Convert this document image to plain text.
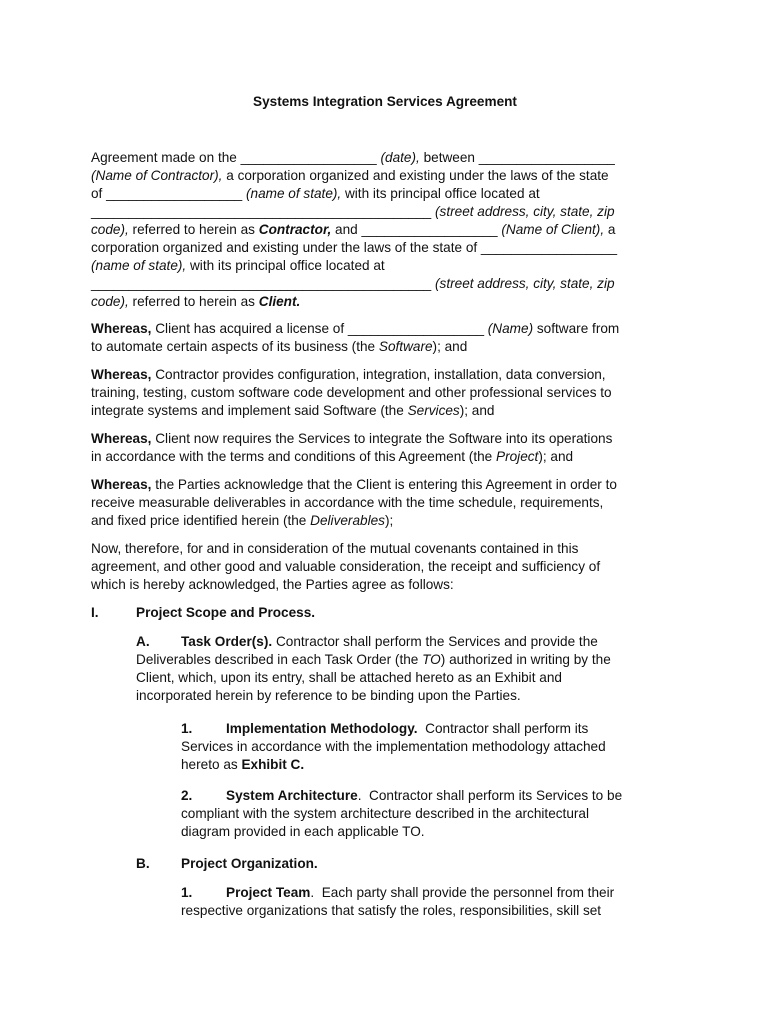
Systems Integration Services Agreement
Agreement made on the __________________ (date), between __________________
(Name of Contractor), a corporation organized and existing under the laws of the state
of __________________ (name of state), with its principal office located at
_____________________________________________ (street address, city, state, zip
code), referred to herein as Contractor, and __________________ (Name of Client), a
corporation organized and existing under the laws of the state of __________________
(name of state), with its principal office located at
_____________________________________________ (street address, city, state, zip
code), referred to herein as Client.
Whereas, Client has acquired a license of __________________ (Name) software from
to automate certain aspects of its business (the Software); and
Whereas, Contractor provides configuration, integration, installation, data conversion,
training, testing, custom software code development and other professional services to
integrate systems and implement said Software (the Services); and
Whereas, Client now requires the Services to integrate the Software into its operations
in accordance with the terms and conditions of this Agreement (the Project); and
Whereas, the Parties acknowledge that the Client is entering this Agreement in order to
receive measurable deliverables in accordance with the time schedule, requirements,
and fixed price identified herein (the Deliverables);
Now, therefore, for and in consideration of the mutual covenants contained in this
agreement, and other good and valuable consideration, the receipt and sufficiency of
which is hereby acknowledged, the Parties agree as follows:
I.	Project Scope and Process.
A. Task Order(s). Contractor shall perform the Services and provide the
Deliverables described in each Task Order (the TO) authorized in writing by the
Client, which, upon its entry, shall be attached hereto as an Exhibit and
incorporated herein by reference to be binding upon the Parties.
1. Implementation Methodology.  Contractor shall perform its
Services in accordance with the implementation methodology attached
hereto as Exhibit C.
2. System Architecture.  Contractor shall perform its Services to be
compliant with the system architecture described in the architectural
diagram provided in each applicable TO.
B. Project Organization.
1. Project Team.  Each party shall provide the personnel from their
respective organizations that satisfy the roles, responsibilities, skill set
